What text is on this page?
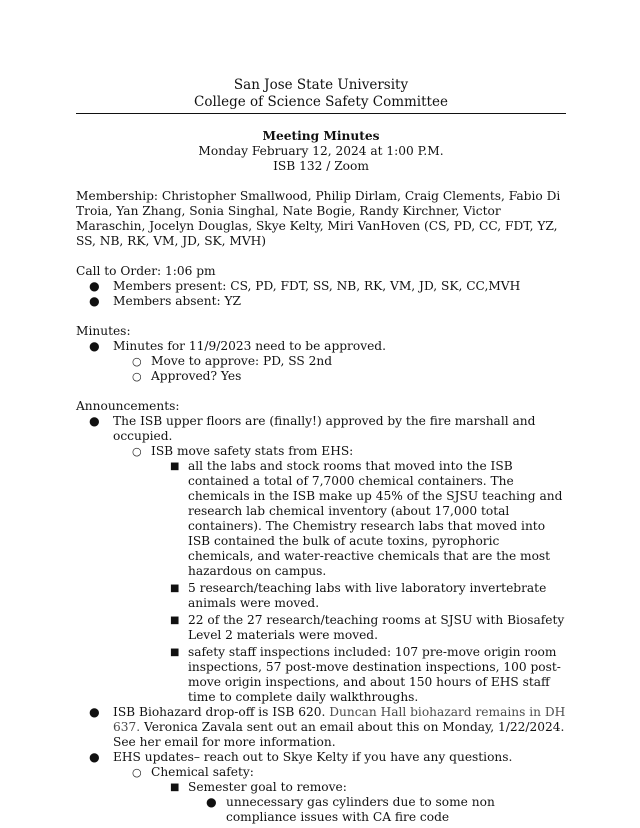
San Jose State University
College of Science Safety Committee
Meeting Minutes
Monday February 12, 2024 at 1:00 P.M.
ISB 132 / Zoom

Membership: Christopher Smallwood, Philip Dirlam, Craig Clements, Fabio Di Troia, Yan Zhang, Sonia Singhal, Nate Bogie, Randy Kirchner, Victor Maraschin, Jocelyn Douglas, Skye Kelty, Miri VanHoven (CS, PD, CC, FDT, YZ, SS, NB, RK, VM, JD, SK, MVH)

Call to Order: 1:06 pm

● Members present: CS, PD, FDT, SS, NB, RK, VM, JD, SK, CC,MVH
● Members absent: YZ

Minutes:

● Minutes for 11/9/2023 need to be approved.
○ Move to approve: PD, SS 2nd
○ Approved? Yes

Announcements:

● The ISB upper floors are (finally!) approved by the fire marshall and occupied.
○ ISB move safety stats from EHS:
■ all the labs and stock rooms that moved into the ISB contained a total of 7,7000 chemical containers. The chemicals in the ISB make up 45% of the SJSU teaching and research lab chemical inventory (about 17,000 total containers). The Chemistry research labs that moved into ISB contained the bulk of acute toxins, pyrophoric chemicals, and water-reactive chemicals that are the most hazardous on campus.
■ 5 research/teaching labs with live laboratory invertebrate animals were moved.
■ 22 of the 27 research/teaching rooms at SJSU with Biosafety Level 2 materials were moved.
■ safety staff inspections included: 107 pre-move origin room inspections, 57 post-move destination inspections, 100 post-move origin inspections, and about 150 hours of EHS staff time to complete daily walkthroughs.
● ISB Biohazard drop-off is ISB 620. Duncan Hall biohazard remains in DH 637. Veronica Zavala sent out an email about this on Monday, 1/22/2024. See her email for more information.
● EHS updates– reach out to Skye Kelty if you have any questions.
○ Chemical safety:
■ Semester goal to remove:
● unnecessary gas cylinders due to some non compliance issues with CA fire code
